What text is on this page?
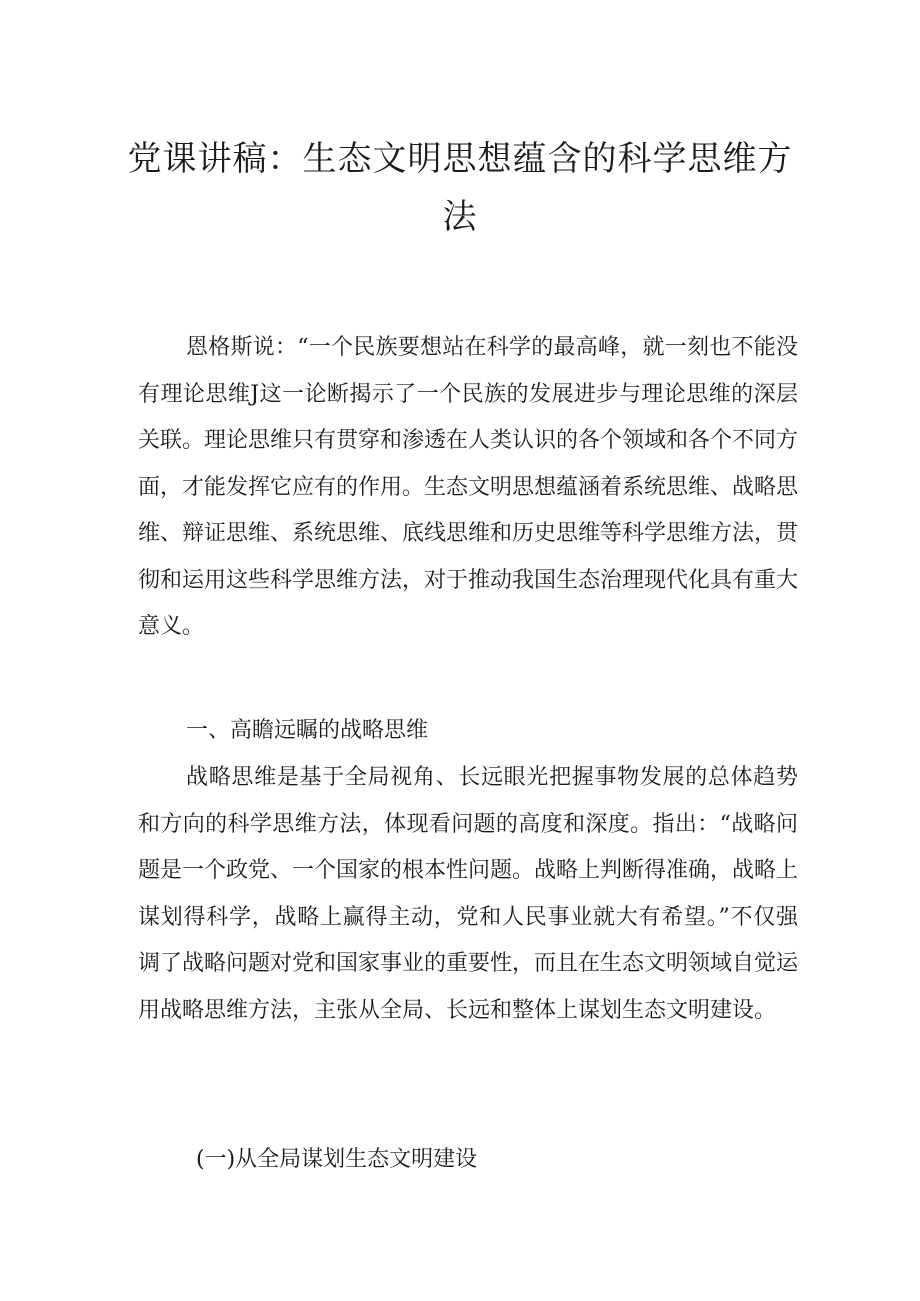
党课讲稿：生态文明思想蕴含的科学思维方法

恩格斯说：“一个民族要想站在科学的最高峰，就一刻也不能没有理论思维J这一论断揭示了一个民族的发展进步与理论思维的深层关联。理论思维只有贯穿和渗透在人类认识的各个领域和各个不同方面，才能发挥它应有的作用。生态文明思想蕴涵着系统思维、战略思维、辩证思维、系统思维、底线思维和历史思维等科学思维方法，贯彻和运用这些科学思维方法，对于推动我国生态治理现代化具有重大意义。

一、高瞻远瞩的战略思维

战略思维是基于全局视角、长远眼光把握事物发展的总体趋势和方向的科学思维方法，体现看问题的高度和深度。指出：“战略问题是一个政党、一个国家的根本性问题。战略上判断得准确，战略上谋划得科学，战略上赢得主动，党和人民事业就大有希望。”不仅强调了战略问题对党和国家事业的重要性，而且在生态文明领域自觉运用战略思维方法，主张从全局、长远和整体上谋划生态文明建设。

(一)从全局谋划生态文明建设
